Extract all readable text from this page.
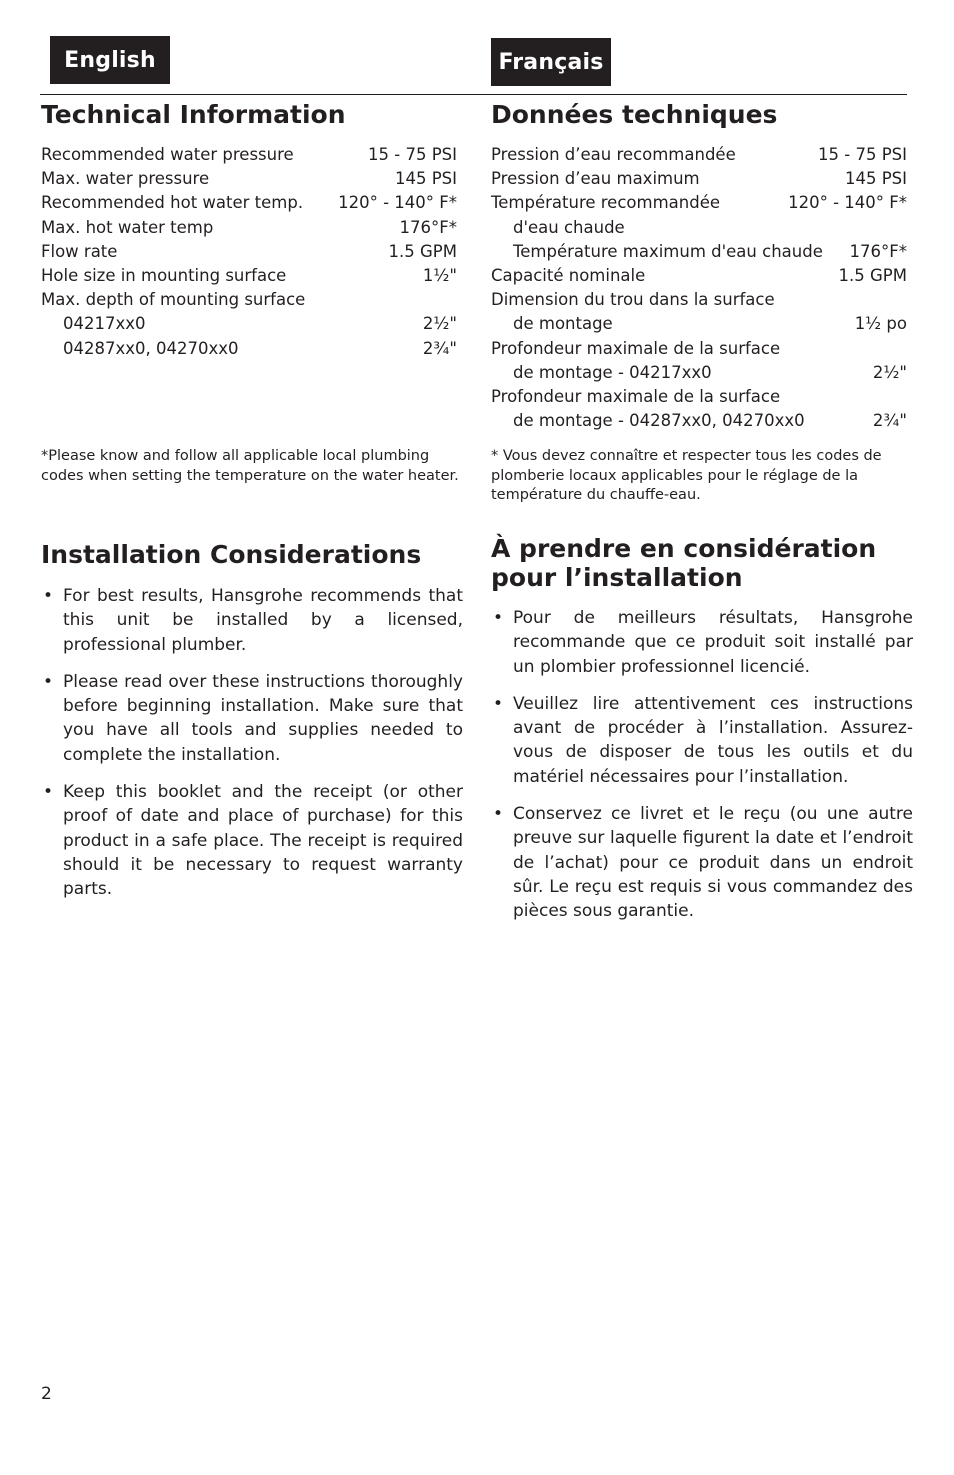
English	Français
Technical Information
Recommended water pressure	15 - 75 PSI
Max. water pressure	145 PSI
Recommended hot water temp. 120° - 140° F*
Max. hot water temp	176°F*
Flow rate	1.5 GPM
Hole size in mounting surface	1½"
Max. depth of mounting surface
04217xx0	2½"
04287xx0, 04270xx0	2¾"
*Please know and follow all applicable local plumbing codes when setting the temperature on the water heater.
Installation Considerations
• For best results, Hansgrohe recommends that this unit be installed by a licensed, professional plumber.
• Please read over these instructions thoroughly before beginning installation. Make sure that you have all tools and supplies needed to complete the installation.
• Keep this booklet and the receipt (or other proof of date and place of purchase) for this product in a safe place. The receipt is required should it be necessary to request warranty parts.
Données techniques
Pression d’eau recommandée	15 - 75 PSI
Pression d’eau maximum	145 PSI
Température recommandée	120° - 140° F*
d'eau chaude
Température maximum d'eau chaude 176°F*
Capacité nominale	1.5 GPM
Dimension du trou dans la surface
de montage	1½ po
Profondeur maximale de la surface
de montage - 04217xx0	2½"
Profondeur maximale de la surface
de montage - 04287xx0, 04270xx0	2¾"
* Vous devez connaître et respecter tous les codes de plomberie locaux applicables pour le réglage de la température du chauffe-eau.
À prendre en considération
pour l’installation
• Pour de meilleurs résultats, Hansgrohe recommande que ce produit soit installé par un plombier professionnel licencié.
• Veuillez lire attentivement ces instructions avant de procéder à l’installation. Assurez-vous de disposer de tous les outils et du matériel nécessaires pour l’installation.
• Conservez ce livret et le reçu (ou une autre preuve sur laquelle figurent la date et l’endroit de l’achat) pour ce produit dans un endroit sûr. Le reçu est requis si vous commandez des pièces sous garantie.
2
